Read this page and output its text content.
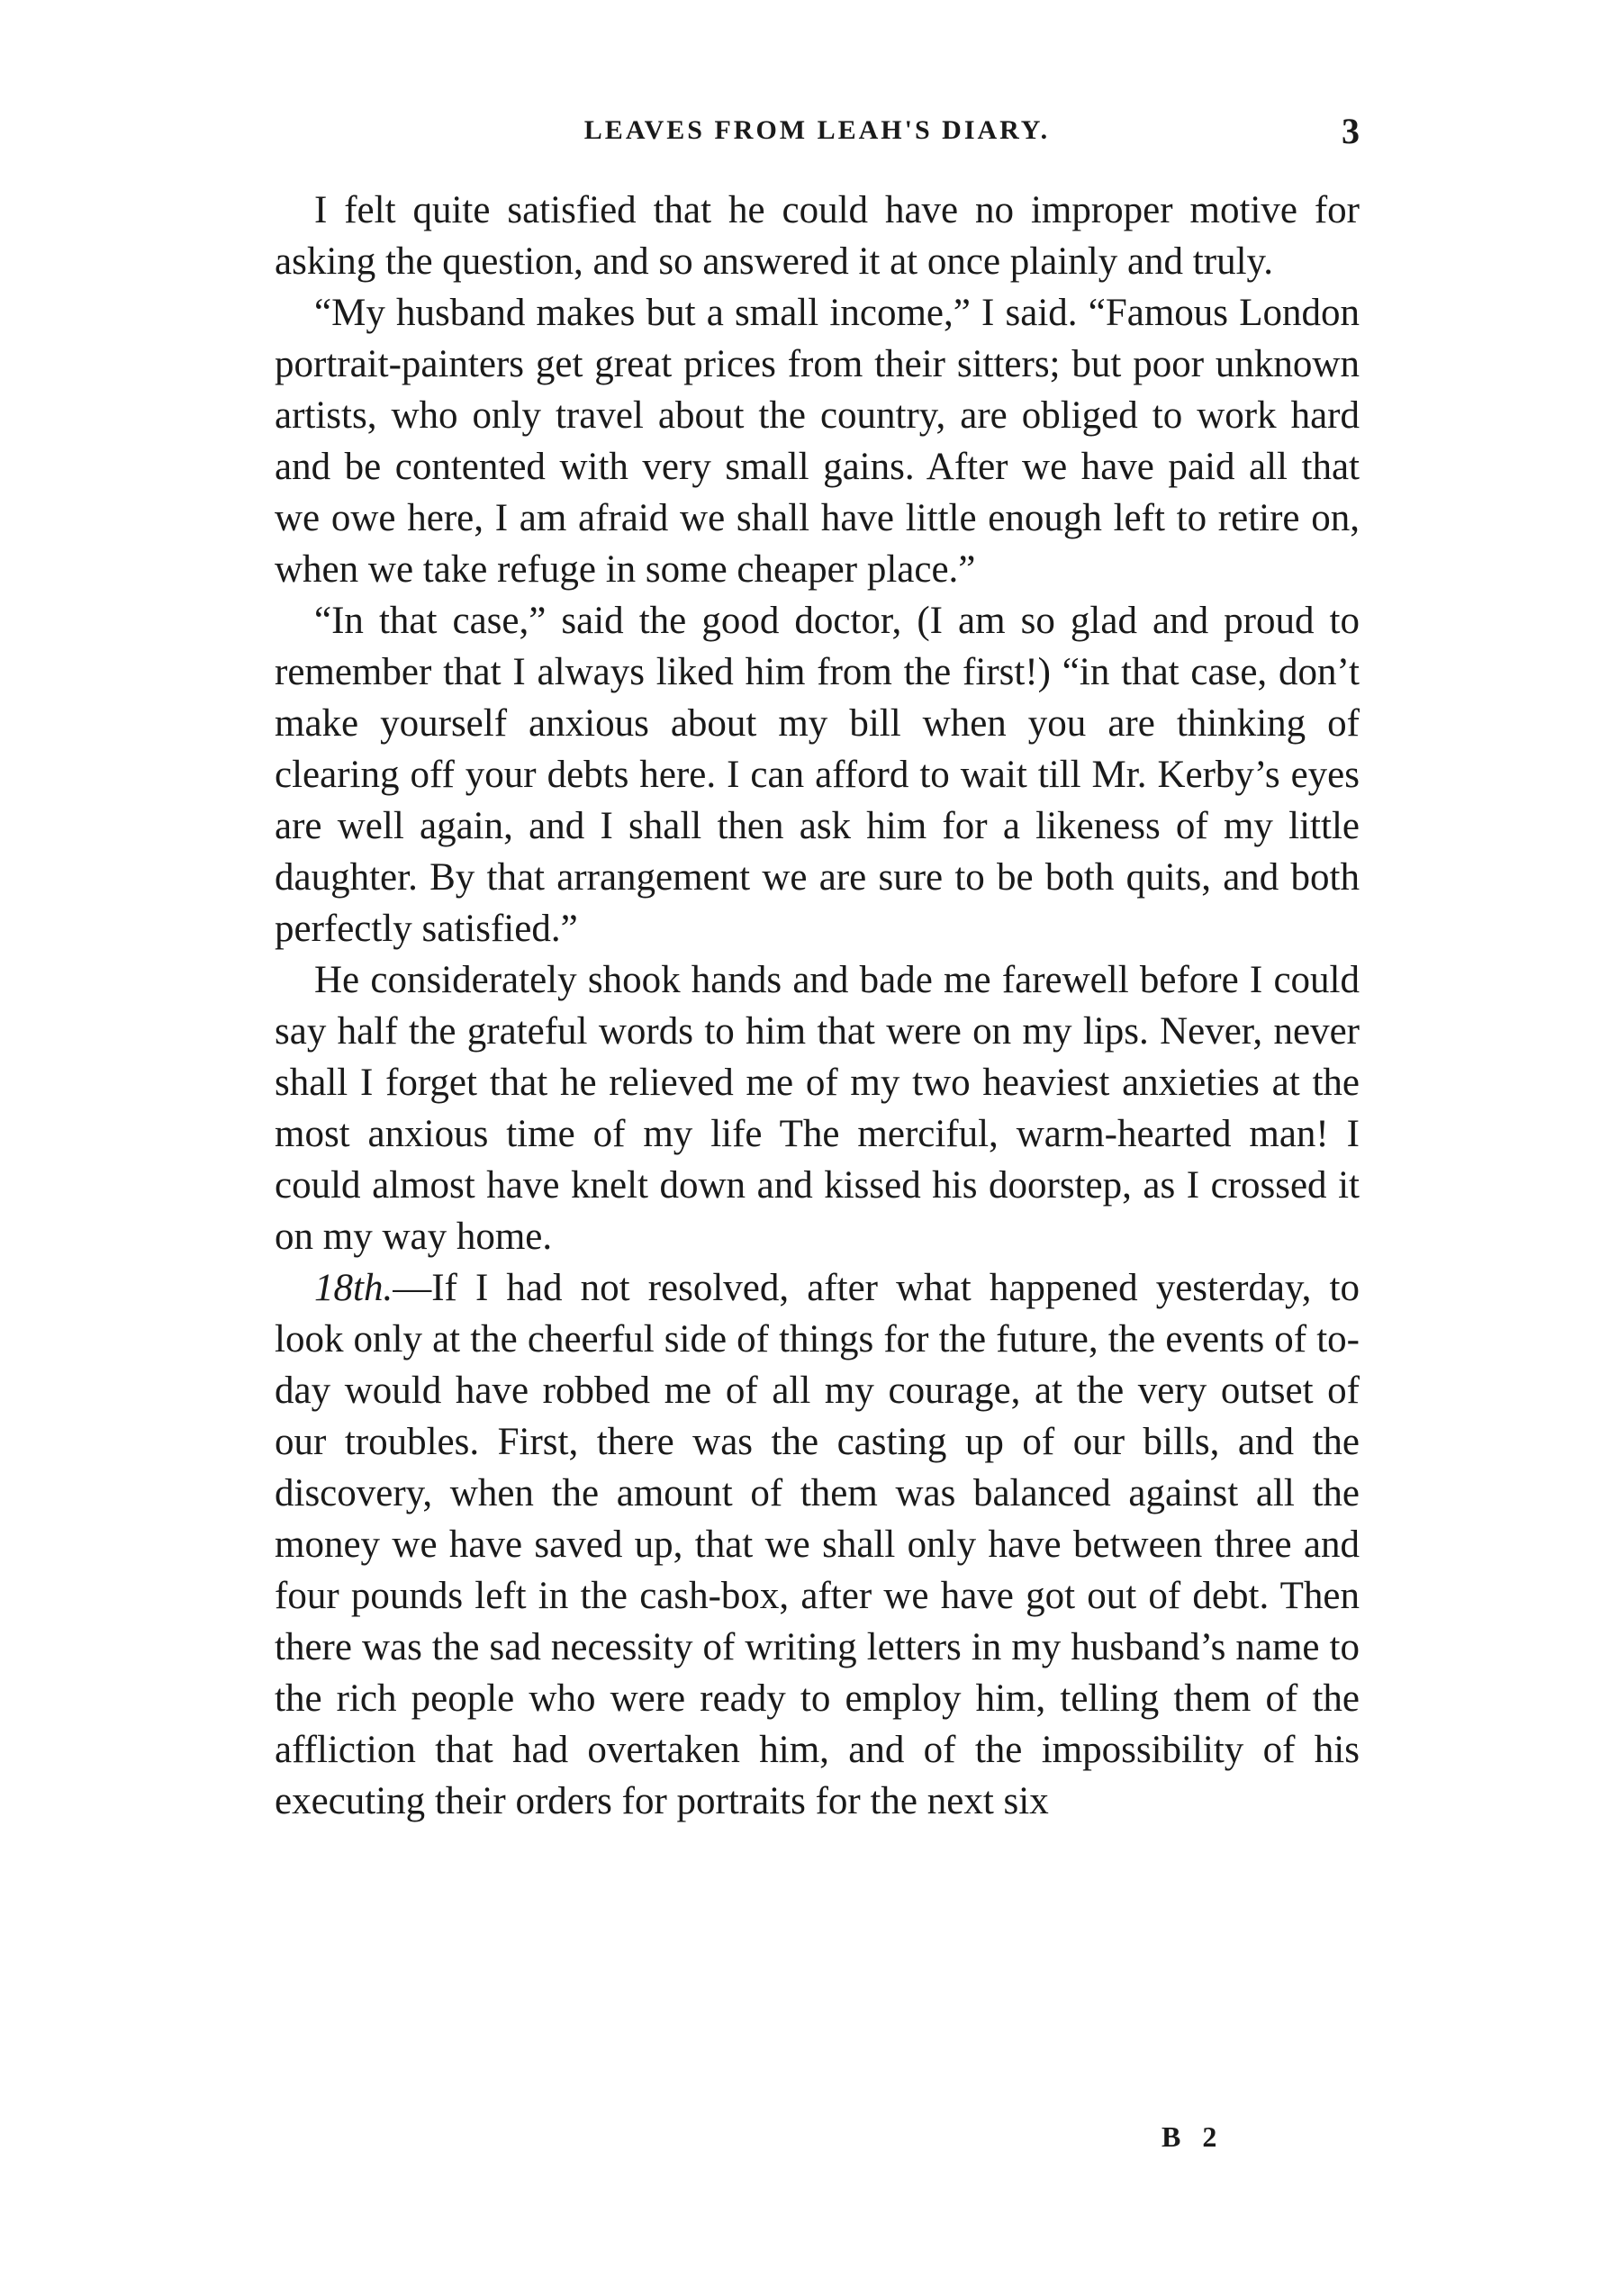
LEAVES FROM LEAH'S DIARY.	3

I felt quite satisfied that he could have no improper motive for asking the question, and so answered it at once plainly and truly.

“My husband makes but a small income,” I said. “Famous London portrait-painters get great prices from their sitters; but poor unknown artists, who only travel about the country, are obliged to work hard and be contented with very small gains. After we have paid all that we owe here, I am afraid we shall have little enough left to retire on, when we take refuge in some cheaper place.”

“In that case,” said the good doctor, (I am so glad and proud to remember that I always liked him from the first!) “in that case, don’t make yourself anxious about my bill when you are thinking of clearing off your debts here. I can afford to wait till Mr. Kerby’s eyes are well again, and I shall then ask him for a likeness of my little daughter. By that arrangement we are sure to be both quits, and both perfectly satisfied.”

He considerately shook hands and bade me farewell before I could say half the grateful words to him that were on my lips. Never, never shall I forget that he relieved me of my two heaviest anxieties at the most anxious time of my life The merciful, warm-hearted man! I could almost have knelt down and kissed his doorstep, as I crossed it on my way home.

18th.—If I had not resolved, after what happened yesterday, to look only at the cheerful side of things for the future, the events of to-day would have robbed me of all my courage, at the very outset of our troubles. First, there was the casting up of our bills, and the discovery, when the amount of them was balanced against all the money we have saved up, that we shall only have between three and four pounds left in the cash-box, after we have got out of debt. Then there was the sad necessity of writing letters in my husband’s name to the rich people who were ready to employ him, telling them of the affliction that had overtaken him, and of the impossibility of his executing their orders for portraits for the next six

B 2
